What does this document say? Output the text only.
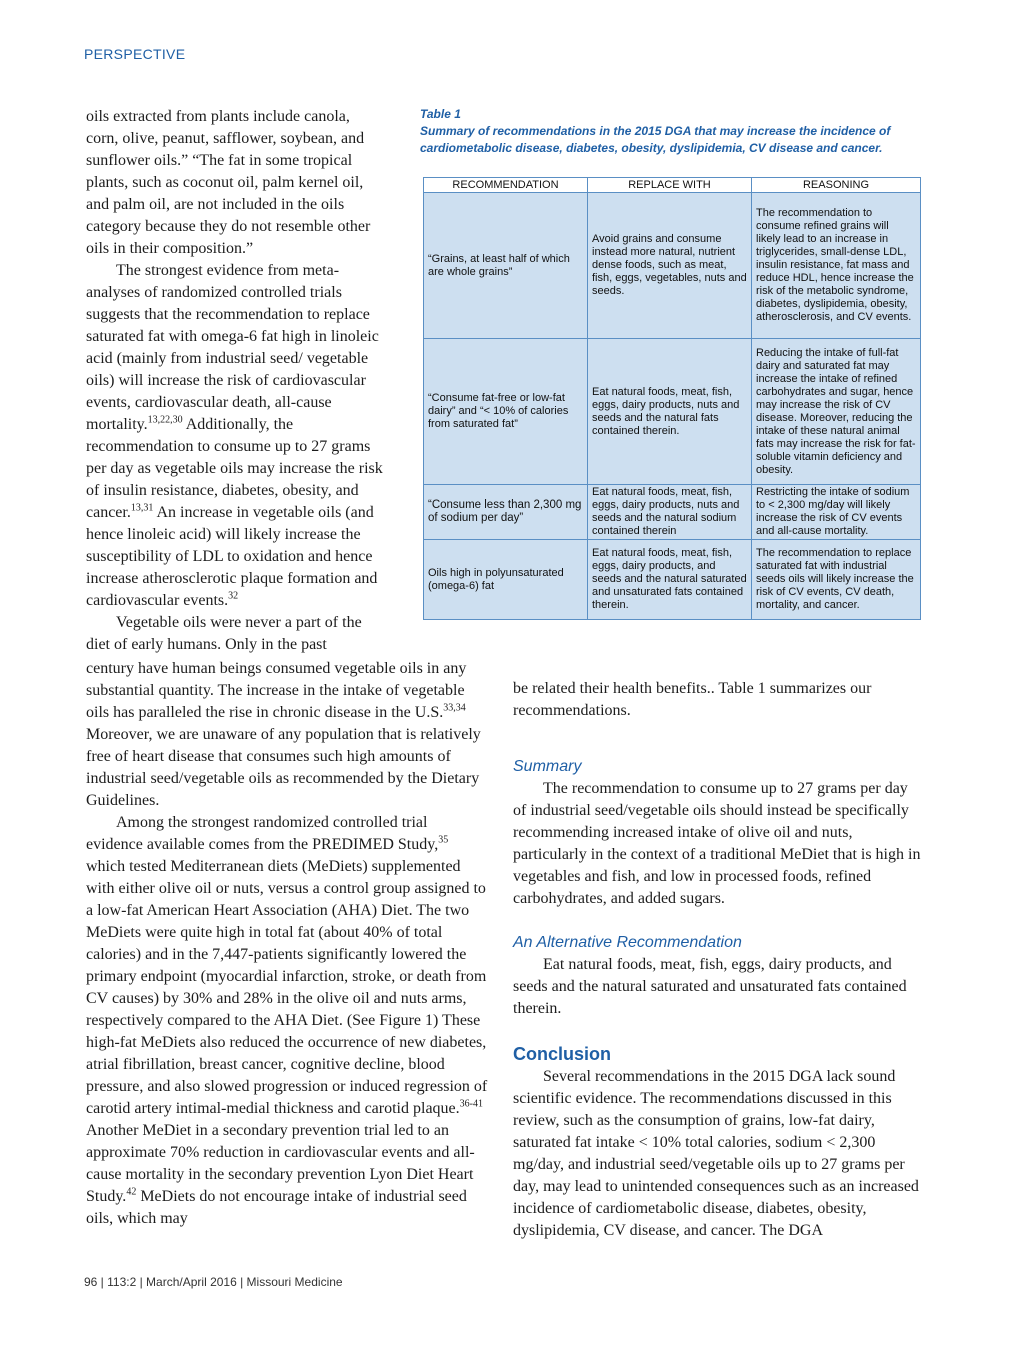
PERSPECTIVE

oils extracted from plants include canola, corn, olive, peanut, safflower, soybean, and sunflower oils.” “The fat in some tropical plants, such as coconut oil, palm kernel oil, and palm oil, are not included in the oils category because they do not resemble other oils in their composition.”

The strongest evidence from meta-analyses of randomized controlled trials suggests that the recommendation to replace saturated fat with omega-6 fat high in linoleic acid (mainly from industrial seed/ vegetable oils) will increase the risk of cardiovascular events, cardiovascular death, all-cause mortality.$^{13,22,30}$ Additionally, the recommendation to consume up to 27 grams per day as vegetable oils may increase the risk of insulin resistance, diabetes, obesity, and cancer.$^{13,31}$ An increase in vegetable oils (and hence linoleic acid) will likely increase the susceptibility of LDL to oxidation and hence increase atherosclerotic plaque formation and cardiovascular events.$^{32}$

Vegetable oils were never a part of the diet of early humans. Only in the past

Table 1
Summary of recommendations in the 2015 DGA that may increase the incidence of cardiometabolic disease, diabetes, obesity, dyslipidemia, CV disease and cancer.
RECOMMENDATION	REPLACE WITH	REASONING
“Grains, at least half of which are whole grains”	Avoid grains and consume instead more natural, nutrient dense foods, such as meat, fish, eggs, vegetables, nuts and seeds.	The recommendation to consume refined grains will likely lead to an increase in triglycerides, small-dense LDL, insulin resistance, fat mass and reduce HDL, hence increase the risk of the metabolic syndrome, diabetes, dyslipidemia, obesity, atherosclerosis, and CV events.
“Consume fat-free or low-fat dairy” and “< 10% of calories from saturated fat”	Eat natural foods, meat, fish, eggs, dairy products, nuts and seeds and the natural fats contained therein.	Reducing the intake of full-fat dairy and saturated fat may increase the intake of refined carbohydrates and sugar, hence may increase the risk of CV disease. Moreover, reducing the intake of these natural animal fats may increase the risk for fat-soluble vitamin deficiency and obesity.
“Consume less than 2,300 mg of sodium per day”	Eat natural foods, meat, fish, eggs, dairy products, nuts and seeds and the natural sodium contained therein	Restricting the intake of sodium to < 2,300 mg/day will likely increase the risk of CV events and all-cause mortality.
Oils high in polyunsaturated (omega-6) fat	Eat natural foods, meat, fish, eggs, dairy products, and seeds and the natural saturated and unsaturated fats contained therein.	The recommendation to replace saturated fat with industrial seeds oils will likely increase the risk of CV events, CV death, mortality, and cancer.

century have human beings consumed vegetable oils in any substantial quantity. The increase in the intake of vegetable oils has paralleled the rise in chronic disease in the U.S.$^{33,34}$ Moreover, we are unaware of any population that is relatively free of heart disease that consumes such high amounts of industrial seed/vegetable oils as recommended by the Dietary Guidelines.

Among the strongest randomized controlled trial evidence available comes from the PREDIMED Study,$^{35}$ which tested Mediterranean diets (MeDiets) supplemented with either olive oil or nuts, versus a control group assigned to a low-fat American Heart Association (AHA) Diet. The two MeDiets were quite high in total fat (about 40% of total calories) and in the 7,447-patients significantly lowered the primary endpoint (myocardial infarction, stroke, or death from CV causes) by 30% and 28% in the olive oil and nuts arms, respectively compared to the AHA Diet. (See Figure 1) These high-fat MeDiets also reduced the occurrence of new diabetes, atrial fibrillation, breast cancer, cognitive decline, blood pressure, and also slowed progression or induced regression of carotid artery intimal-medial thickness and carotid plaque.$^{36-41}$ Another MeDiet in a secondary prevention trial led to an approximate 70% reduction in cardiovascular events and all-cause mortality in the secondary prevention Lyon Diet Heart Study.$^{42}$ MeDiets do not encourage intake of industrial seed oils, which may

be related their health benefits.. Table 1 summarizes our recommendations.

Summary

The recommendation to consume up to 27 grams per day of industrial seed/vegetable oils should instead be specifically recommending increased intake of olive oil and nuts, particularly in the context of a traditional MeDiet that is high in vegetables and fish, and low in processed foods, refined carbohydrates, and added sugars.

An Alternative Recommendation

Eat natural foods, meat, fish, eggs, dairy products, and seeds and the natural saturated and unsaturated fats contained therein.

Conclusion

Several recommendations in the 2015 DGA lack sound scientific evidence. The recommendations discussed in this review, such as the consumption of grains, low-fat dairy, saturated fat intake < 10% total calories, sodium < 2,300 mg/day, and industrial seed/vegetable oils up to 27 grams per day, may lead to unintended consequences such as an increased incidence of cardiometabolic disease, diabetes, obesity, dyslipidemia, CV disease, and cancer. The DGA

96 | 113:2 | March/April 2016 | Missouri Medicine
